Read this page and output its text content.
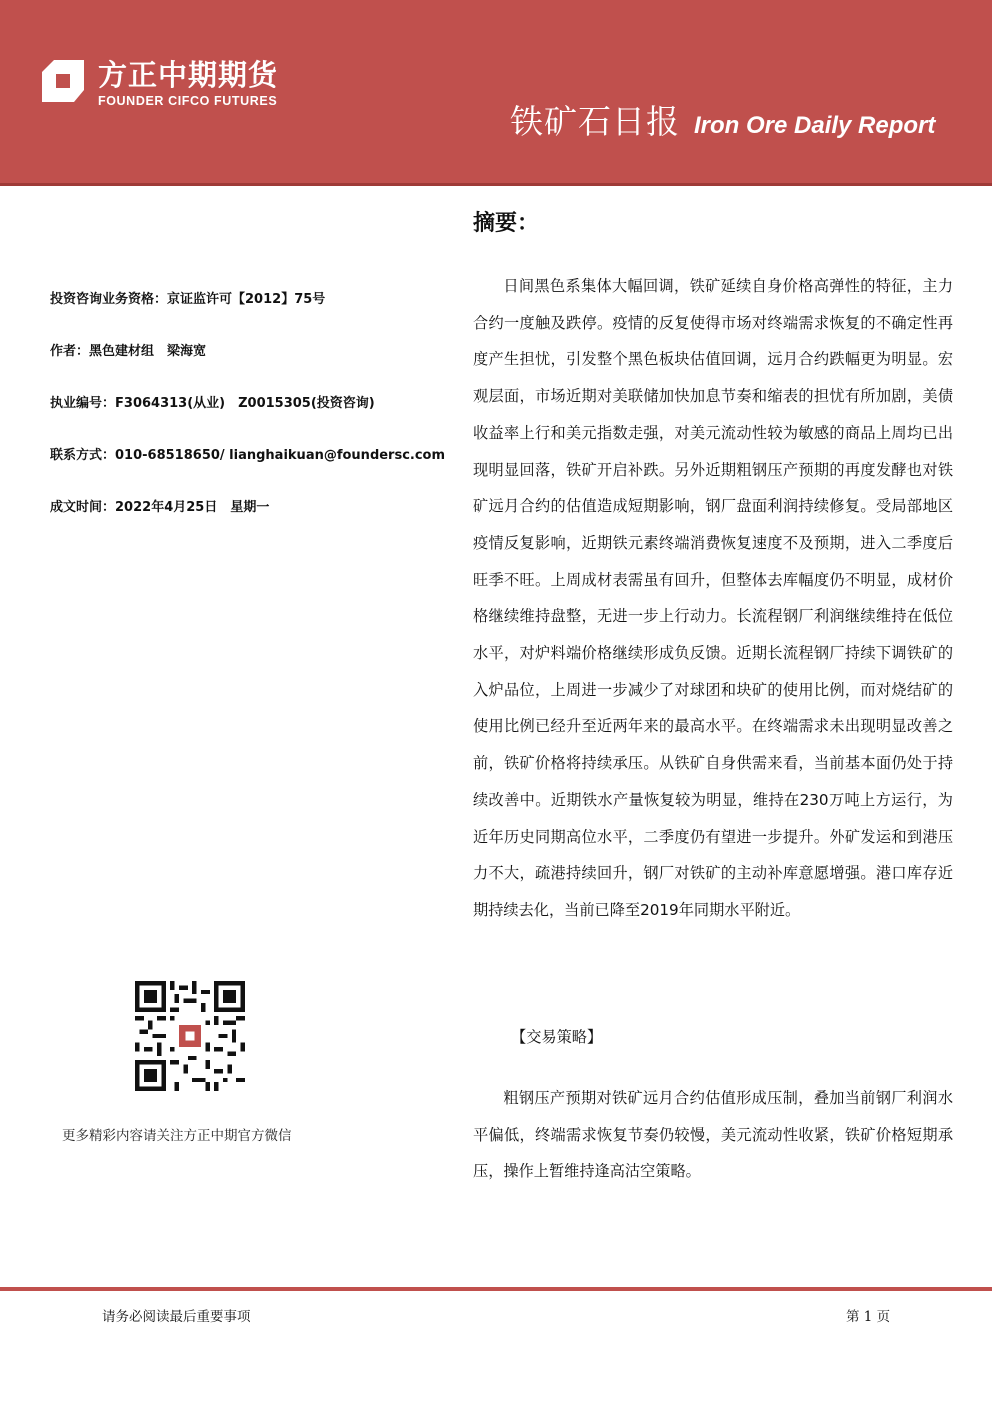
方正中期期货
FOUNDER CIFCO FUTURES
铁矿石日报 Iron Ore Daily Report
投资咨询业务资格：京证监许可【2012】75号
作者：黑色建材组　梁海宽
执业编号：F3064313(从业)　Z0015305(投资咨询)
联系方式：010-68518650/ lianghaikuan@foundersc.com
成文时间：2022年4月25日　星期一
更多精彩内容请关注方正中期官方微信
摘要：

日间黑色系集体大幅回调，铁矿延续自身价格高弹性的特征，主力合约一度触及跌停。疫情的反复使得市场对终端需求恢复的不确定性再度产生担忧，引发整个黑色板块估值回调，远月合约跌幅更为明显。宏观层面，市场近期对美联储加快加息节奏和缩表的担忧有所加剧，美债收益率上行和美元指数走强，对美元流动性较为敏感的商品上周均已出现明显回落，铁矿开启补跌。另外近期粗钢压产预期的再度发酵也对铁矿远月合约的估值造成短期影响，钢厂盘面利润持续修复。受局部地区疫情反复影响，近期铁元素终端消费恢复速度不及预期，进入二季度后旺季不旺。上周成材表需虽有回升，但整体去库幅度仍不明显，成材价格继续维持盘整，无进一步上行动力。长流程钢厂利润继续维持在低位水平，对炉料端价格继续形成负反馈。近期长流程钢厂持续下调铁矿的入炉品位，上周进一步减少了对球团和块矿的使用比例，而对烧结矿的使用比例已经升至近两年来的最高水平。在终端需求未出现明显改善之前，铁矿价格将持续承压。从铁矿自身供需来看，当前基本面仍处于持续改善中。近期铁水产量恢复较为明显，维持在230万吨上方运行，为近年历史同期高位水平，二季度仍有望进一步提升。外矿发运和到港压力不大，疏港持续回升，钢厂对铁矿的主动补库意愿增强。港口库存近期持续去化，当前已降至2019年同期水平附近。

【交易策略】

粗钢压产预期对铁矿远月合约估值形成压制，叠加当前钢厂利润水平偏低，终端需求恢复节奏仍较慢，美元流动性收紧，铁矿价格短期承压，操作上暂维持逢高沽空策略。

请务必阅读最后重要事项	第 1 页
